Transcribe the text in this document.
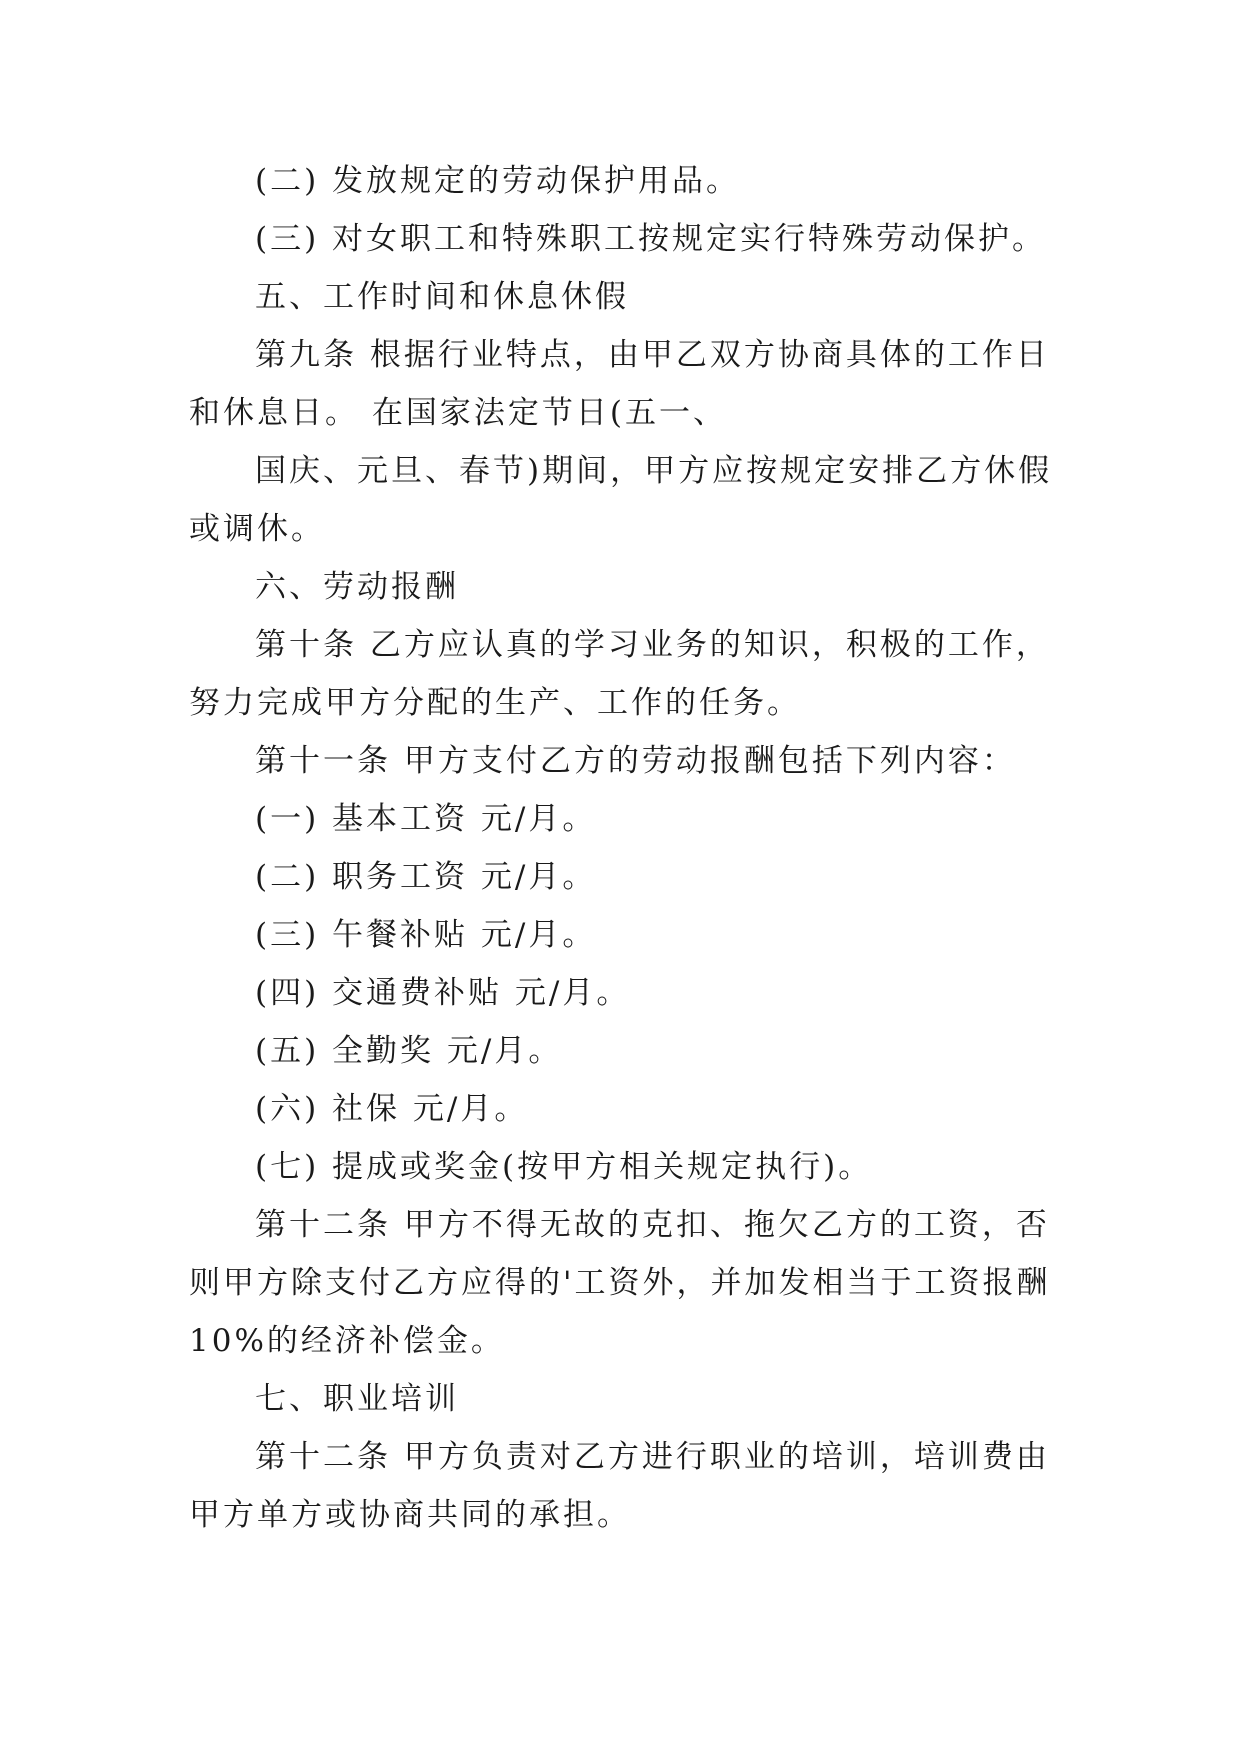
(二) 发放规定的劳动保护用品。
(三) 对女职工和特殊职工按规定实行特殊劳动保护。
五、工作时间和休息休假
第九条 根据行业特点，由甲乙双方协商具体的工作日
和休息日。 在国家法定节日(五一、
国庆、元旦、春节)期间，甲方应按规定安排乙方休假
或调休。
六、劳动报酬
第十条 乙方应认真的学习业务的知识，积极的工作，
努力完成甲方分配的生产、工作的任务。
第十一条 甲方支付乙方的劳动报酬包括下列内容：
(一) 基本工资 元/月。
(二) 职务工资 元/月。
(三) 午餐补贴 元/月。
(四) 交通费补贴 元/月。
(五) 全勤奖 元/月。
(六) 社保 元/月。
(七) 提成或奖金(按甲方相关规定执行)。
第十二条 甲方不得无故的克扣、拖欠乙方的工资，否
则甲方除支付乙方应得的'工资外，并加发相当于工资报酬
10%的经济补偿金。
七、职业培训
第十二条 甲方负责对乙方进行职业的培训，培训费由
甲方单方或协商共同的承担。
